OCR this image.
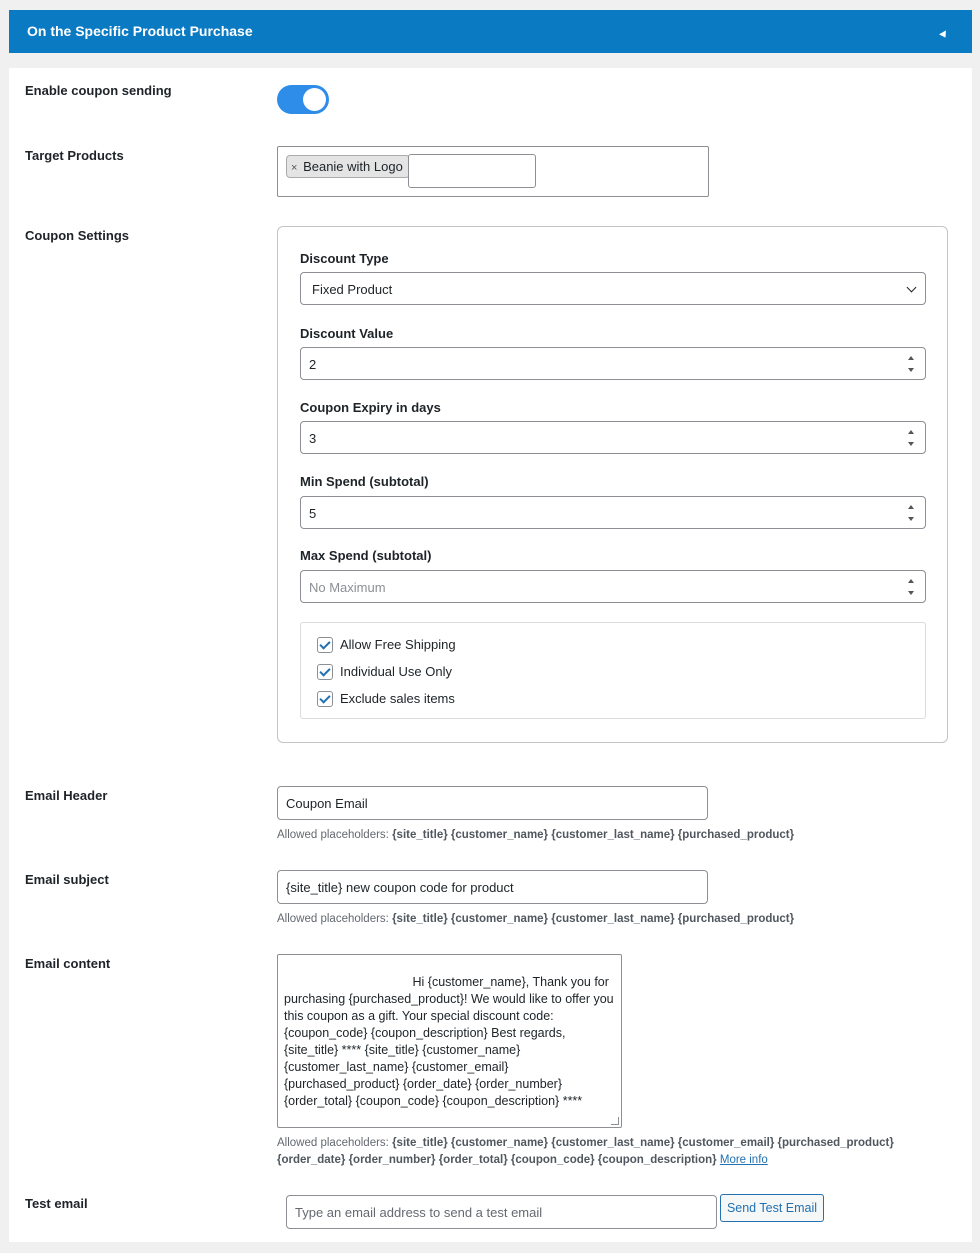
On the Specific Product Purchase
Enable coupon sending
Target Products
× Beanie with Logo
Coupon Settings
Discount Type
Fixed Product
Discount Value
2
Coupon Expiry in days
3
Min Spend (subtotal)
5
Max Spend (subtotal)
No Maximum
Allow Free Shipping
Individual Use Only
Exclude sales items
Email Header
Coupon Email
Allowed placeholders: {site_title} {customer_name} {customer_last_name} {purchased_product}
Email subject
{site_title} new coupon code for product
Allowed placeholders: {site_title} {customer_name} {customer_last_name} {purchased_product}
Email content

Hi {customer_name}, Thank you for purchasing {purchased_product}! We would like to offer you this coupon as a gift. Your special discount code: {coupon_code} {coupon_description} Best regards, {site_title} **** {site_title} {customer_name} {customer_last_name} {customer_email} {purchased_product} {order_date} {order_number} {order_total} {coupon_code} {coupon_description} ****

Allowed placeholders: {site_title} {customer_name} {customer_last_name} {customer_email} {purchased_product}
{order_date} {order_number} {order_total} {coupon_code} {coupon_description} More info
Test email
Type an email address to send a test email	Send Test Email
